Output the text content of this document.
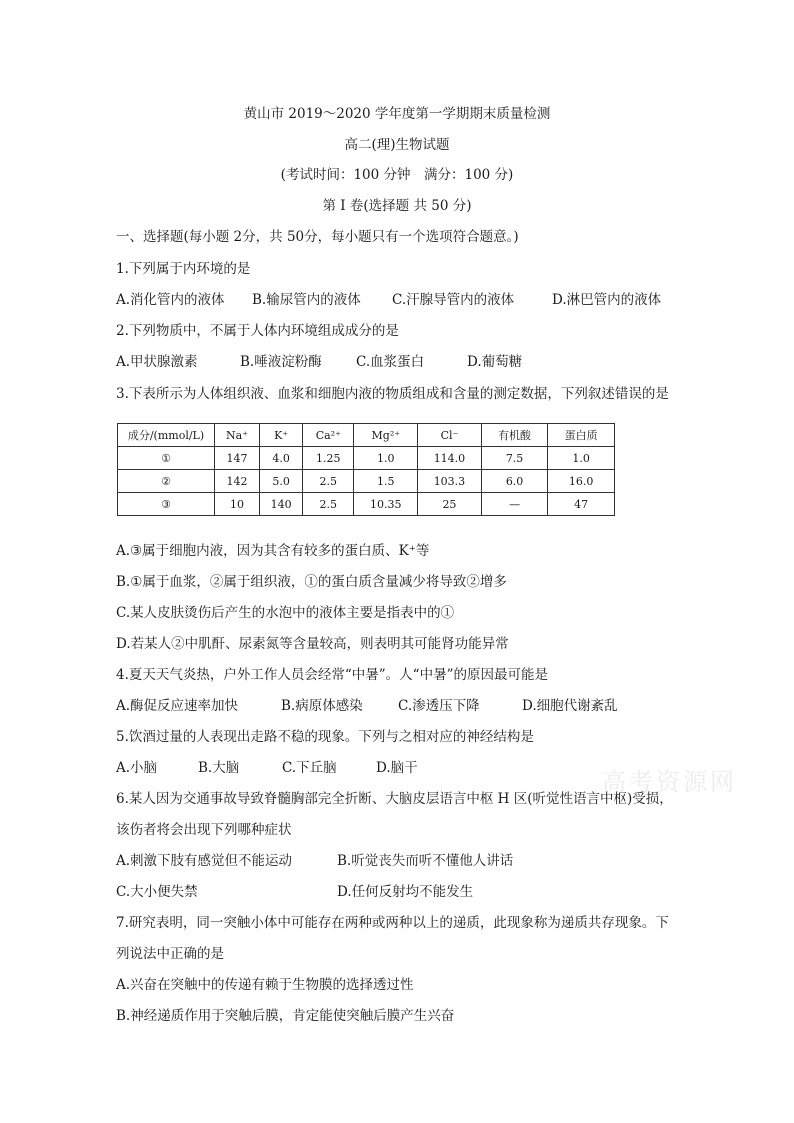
黄山市 2019～2020 学年度第一学期期末质量检测
高二(理)生物试题
(考试时间：100 分钟　满分：100 分)
第 I 卷(选择题 共 50 分)
一、选择题(每小题 2分，共 50分，每小题只有一个选项符合题意。)
1.下列属于内环境的是
A.消化管内的液体 B.输尿管内的液体 C.汗腺导管内的液体	D.淋巴管内的液体
2.下列物质中，不属于人体内环境组成成分的是
A.甲状腺激素	B.唾液淀粉酶	C.血浆蛋白	D.葡萄糖
3.下表所示为人体组织液、血浆和细胞内液的物质组成和含量的测定数据，下列叙述错误的是
成分/(mmol/L)	Na⁺	K⁺	Ca²⁺	Mg²⁺	Cl⁻	有机酸	蛋白质
①	147	4.0	1.25	1.0	114.0	7.5	1.0
②	142	5.0	2.5	1.5	103.3	6.0	16.0
③	10	140	2.5	10.35	25	—	47
A.③属于细胞内液，因为其含有较多的蛋白质、K⁺等
B.①属于血浆，②属于组织液，①的蛋白质含量减少将导致②增多
C.某人皮肤烫伤后产生的水泡中的液体主要是指表中的①
D.若某人②中肌酐、尿素氮等含量较高，则表明其可能肾功能异常
4.夏天天气炎热，户外工作人员会经常“中暑”。人“中暑”的原因最可能是
A.酶促反应速率加快	B.病原体感染	C.渗透压下降	D.细胞代谢紊乱
5.饮酒过量的人表现出走路不稳的现象。下列与之相对应的神经结构是
A.小脑	B.大脑	C.下丘脑	D.脑干
6.某人因为交通事故导致脊髓胸部完全折断、大脑皮层语言中枢 H 区(听觉性语言中枢)受损，
该伤者将会出现下列哪种症状
A.刺激下肢有感觉但不能运动	B.听觉丧失而听不懂他人讲话
C.大小便失禁	D.任何反射均不能发生
7.研究表明，同一突触小体中可能存在两种或两种以上的递质，此现象称为递质共存现象。下
列说法中正确的是
A.兴奋在突触中的传递有赖于生物膜的选择透过性
B.神经递质作用于突触后膜，肯定能使突触后膜产生兴奋
高考资源网
